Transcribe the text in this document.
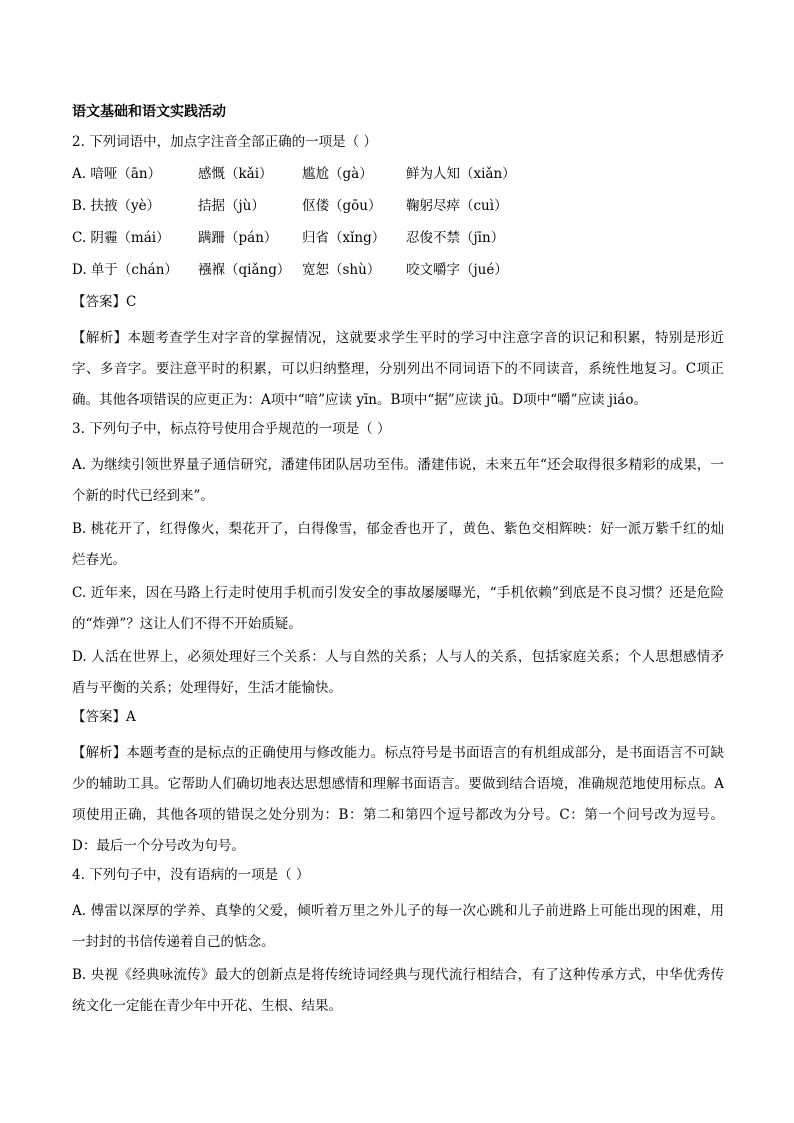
语文基础和语文实践活动
2. 下列词语中，加点字注音全部正确的一项是（ ）
A. 喑哑（ān）	感慨（kǎi）	尴尬（gà）	鲜为人知（xiǎn）
B. 扶掖（yè）	拮据（jù）	伛偻（gōu）	鞠躬尽瘁（cuì）
C. 阴霾（mái）	蹒跚（pán）	归省（xǐng）	忍俊不禁（jīn）
D. 单于（chán）	襁褓（qiǎng） 宽恕（shù）	咬文嚼字（jué）
【答案】C
【解析】本题考查学生对字音的掌握情况，这就要求学生平时的学习中注意字音的识记和积累，特别是形近字、多音字。要注意平时的积累，可以归纳整理，分别列出不同词语下的不同读音，系统性地复习。C项正确。其他各项错误的应更正为：A项中“喑”应读 yīn。B项中“据”应读 jū。D项中“嚼”应读 jiáo。
3. 下列句子中，标点符号使用合乎规范的一项是（ ）
A. 为继续引领世界量子通信研究，潘建伟团队居功至伟。潘建伟说，未来五年“还会取得很多精彩的成果，一个新的时代已经到来”。
B. 桃花开了，红得像火，梨花开了，白得像雪，郁金香也开了，黄色、紫色交相辉映：好一派万紫千红的灿烂春光。
C. 近年来，因在马路上行走时使用手机而引发安全的事故屡屡曝光，“手机依赖”到底是不良习惯？还是危险的“炸弹”？这让人们不得不开始质疑。
D. 人活在世界上，必须处理好三个关系：人与自然的关系；人与人的关系，包括家庭关系；个人思想感情矛盾与平衡的关系；处理得好，生活才能愉快。
【答案】A
【解析】本题考查的是标点的正确使用与修改能力。标点符号是书面语言的有机组成部分，是书面语言不可缺少的辅助工具。它帮助人们确切地表达思想感情和理解书面语言。要做到结合语境，准确规范地使用标点。A项使用正确，其他各项的错误之处分别为：B：第二和第四个逗号都改为分号。C：第一个问号改为逗号。D：最后一个分号改为句号。
4. 下列句子中，没有语病的一项是（ ）
A. 傅雷以深厚的学养、真挚的父爱，倾听着万里之外儿子的每一次心跳和儿子前进路上可能出现的困难，用一封封的书信传递着自己的惦念。
B. 央视《经典咏流传》最大的创新点是将传统诗词经典与现代流行相结合，有了这种传承方式，中华优秀传统文化一定能在青少年中开花、生根、结果。
